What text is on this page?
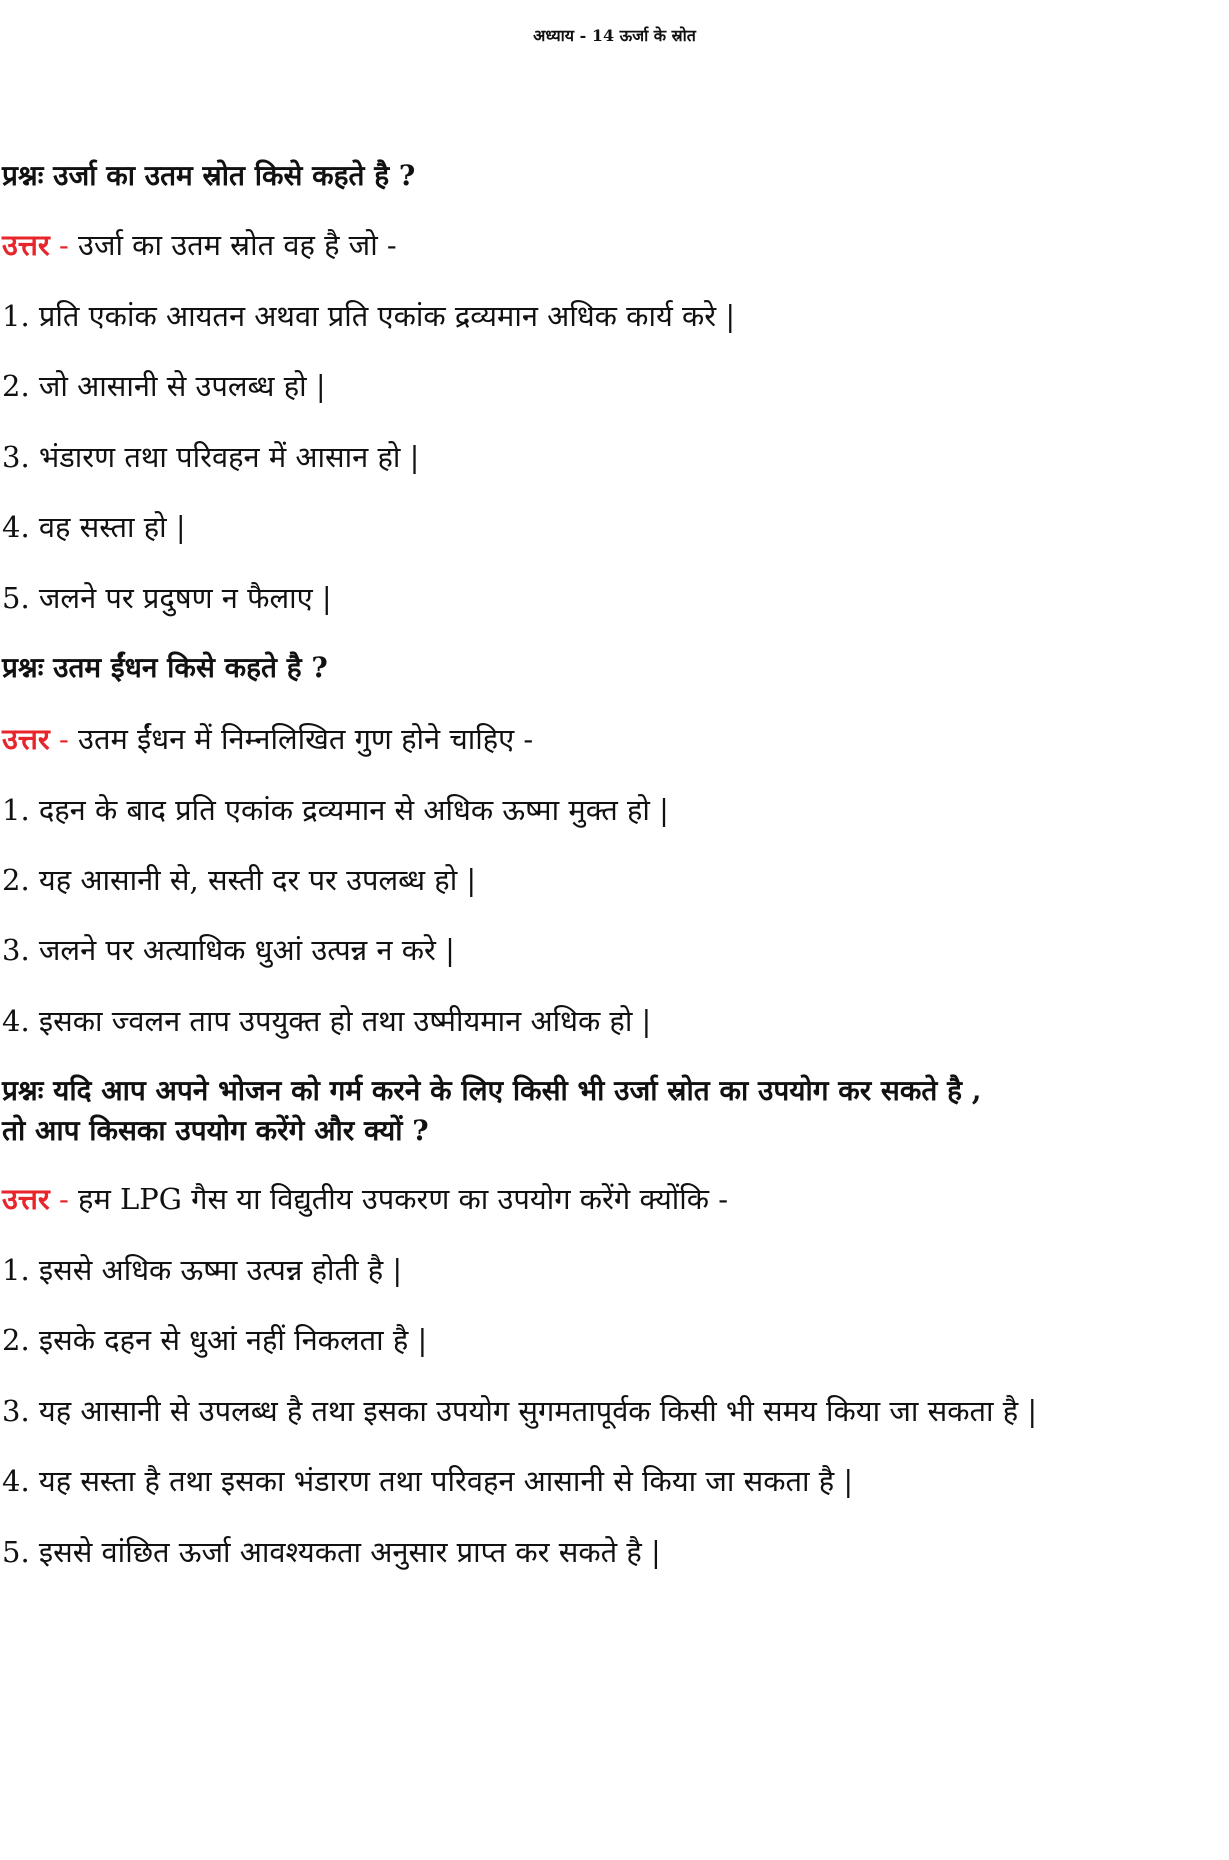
अध्याय - 14 ऊर्जा के स्रोत
प्रश्नः उर्जा का उतम स्रोत किसे कहते है ?
उत्तर - उर्जा का उतम स्रोत वह है जो -
1. प्रति एकांक आयतन अथवा प्रति एकांक द्रव्यमान अधिक कार्य करे |
2. जो आसानी से उपलब्ध हो |
3. भंडारण तथा परिवहन में आसान हो |
4. वह सस्ता हो |
5. जलने पर प्रदुषण न फैलाए |
प्रश्नः उतम ईंधन किसे कहते है ?
उत्तर - उतम ईंधन में निम्नलिखित गुण होने चाहिए -
1. दहन के बाद प्रति एकांक द्रव्यमान से अधिक ऊष्मा मुक्त हो |
2. यह आसानी से, सस्ती दर पर उपलब्ध हो |
3. जलने पर अत्याधिक धुआं उत्पन्न न करे |
4. इसका ज्वलन ताप उपयुक्त हो तथा उष्मीयमान अधिक हो |
प्रश्नः यदि आप अपने भोजन को गर्म करने के लिए किसी भी उर्जा स्रोत का उपयोग कर सकते है ,
तो आप किसका उपयोग करेंगे और क्यों ?
उत्तर - हम LPG गैस या विद्युतीय उपकरण का उपयोग करेंगे क्योंकि -
1. इससे अधिक ऊष्मा उत्पन्न होती है |
2. इसके दहन से धुआं नहीं निकलता है |
3. यह आसानी से उपलब्ध है तथा इसका उपयोग सुगमतापूर्वक किसी भी समय किया जा सकता है |
4. यह सस्ता है तथा इसका भंडारण तथा परिवहन आसानी से किया जा सकता है |
5. इससे वांछित ऊर्जा आवश्यकता अनुसार प्राप्त कर सकते है |
